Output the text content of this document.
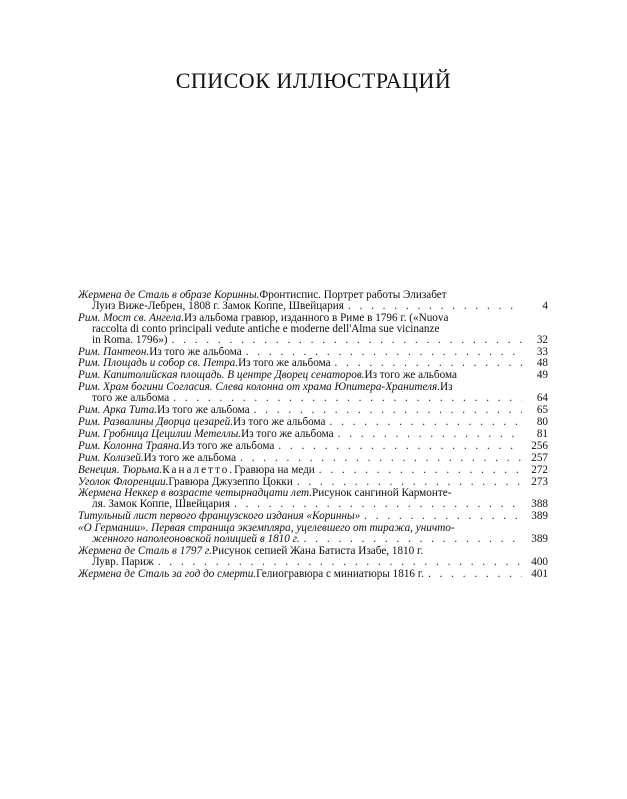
СПИСОК ИЛЛЮСТРАЦИЙ
Жермена де Сталь в образе Коринны. Фронтиспис. Портрет работы Элизабет
Луиз Виже-Лебрен, 1808 г. Замок Коппе, Швейцария . . .	4
Рим. Мост св. Ангела. Из альбома гравюр, изданного в Риме в 1796 г. («Nuova
raccolta di conto principali vedute antiche e moderne dell'Alma sue vicinanze
in Roma. 1796») . . .	32
Рим. Пантеон. Из того же альбома . . .	33
Рим. Площадь и собор св. Петра. Из того же альбома . . .	48
Рим. Капитолийская площадь. В центре Дворец сенаторов. Из того же альбома	49
Рим. Храм богини Согласия. Слева колонна от храма Юпитера-Хранителя. Из
того же альбома . . .	64
Рим. Арка Тита. Из того же альбома . . .	65
Рим. Развалины Дворца цезарей. Из того же альбома . . .	80
Рим. Гробница Цецилии Метеллы. Из того же альбома . . .	81
Рим. Колонна Траяна. Из того же альбома . . .	256
Рим. Колизей. Из того же альбома . . .	257
Венеция. Тюрьма. Каналетто. Гравюра на меди . . .	272
Уголок Флоренции. Гравюра Джузеппо Цокки . . .	273
Жермена Неккер в возрасте четырнадцати лет. Рисунок сангиной Кармонте-
ля. Замок Коппе, Швейцария . . .	388
Титульный лист первого французского издания «Коринны» . . .	389
«О Германии». Первая страница экземпляра, уцелевшего от тиража, уничто-
женного наполеоновской полицией в 1810 г. . . .	389
Жермена де Сталь в 1797 г. Рисунок сепией Жана Батиста Изабе, 1810 г.
Лувр. Париж . . .	400
Жермена де Сталь за год до смерти. Гелиогравюра с миниатюры 1816 г. . . .	401
